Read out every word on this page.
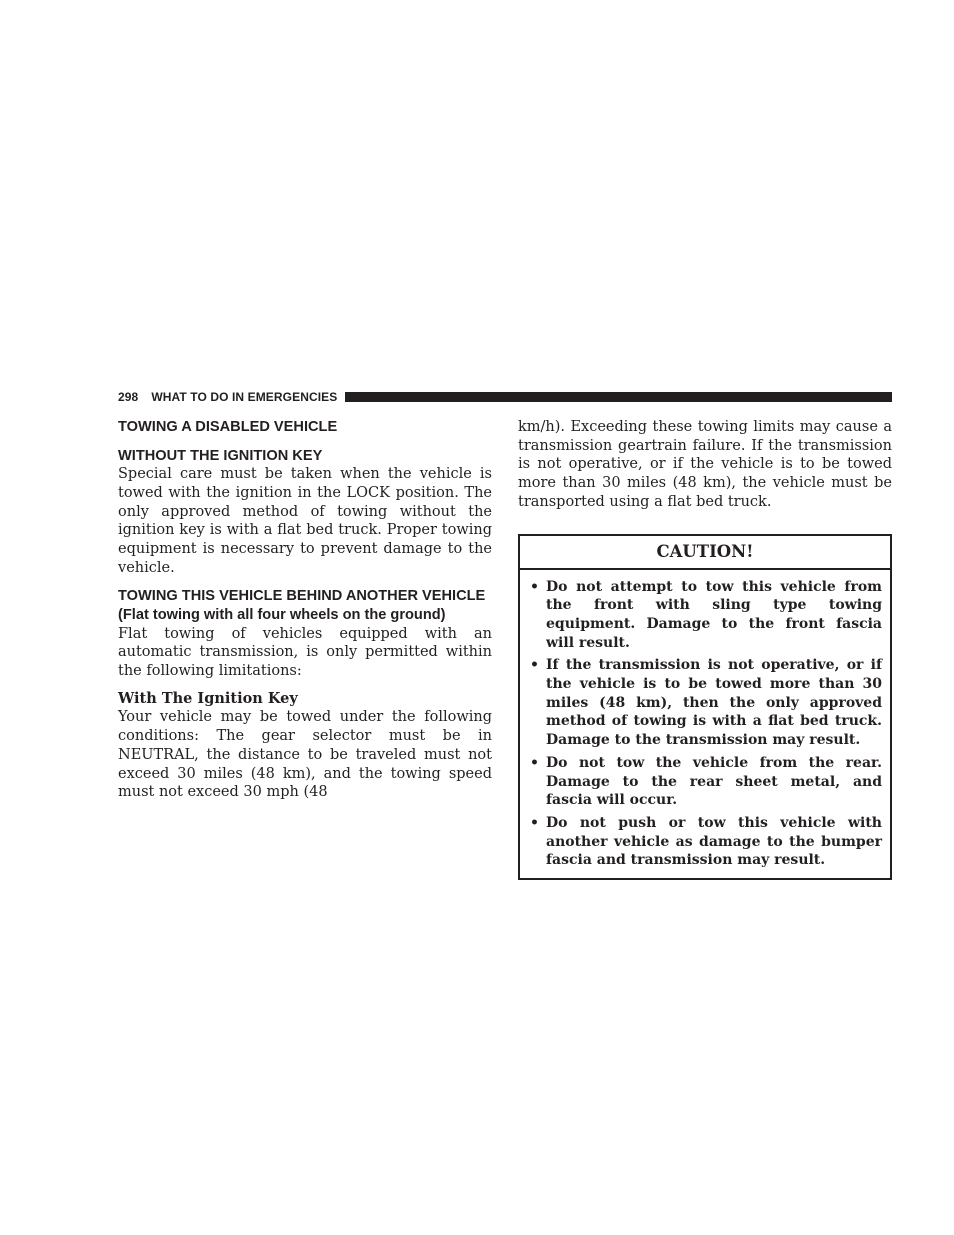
298 WHAT TO DO IN EMERGENCIES
TOWING A DISABLED VEHICLE
WITHOUT THE IGNITION KEY

Special care must be taken when the vehicle is towed with the ignition in the LOCK position. The only approved method of towing without the ignition key is with a flat bed truck. Proper towing equipment is necessary to prevent damage to the vehicle.

TOWING THIS VEHICLE BEHIND ANOTHER VEHICLE (Flat towing with all four wheels on the ground)

Flat towing of vehicles equipped with an automatic transmission, is only permitted within the following limitations:

With The Ignition Key

Your vehicle may be towed under the following conditions: The gear selector must be in NEUTRAL, the distance to be traveled must not exceed 30 miles (48 km), and the towing speed must not exceed 30 mph (48

km/h). Exceeding these towing limits may cause a transmission geartrain failure. If the transmission is not operative, or if the vehicle is to be towed more than 30 miles (48 km), the vehicle must be transported using a flat bed truck.

CAUTION!
• Do not attempt to tow this vehicle from the front with sling type towing equipment. Damage to the front fascia will result.
• If the transmission is not operative, or if the vehicle is to be towed more than 30 miles (48 km), then the only approved method of towing is with a flat bed truck. Damage to the transmission may result.
• Do not tow the vehicle from the rear. Damage to the rear sheet metal, and fascia will occur.
• Do not push or tow this vehicle with another vehicle as damage to the bumper fascia and transmission may result.
